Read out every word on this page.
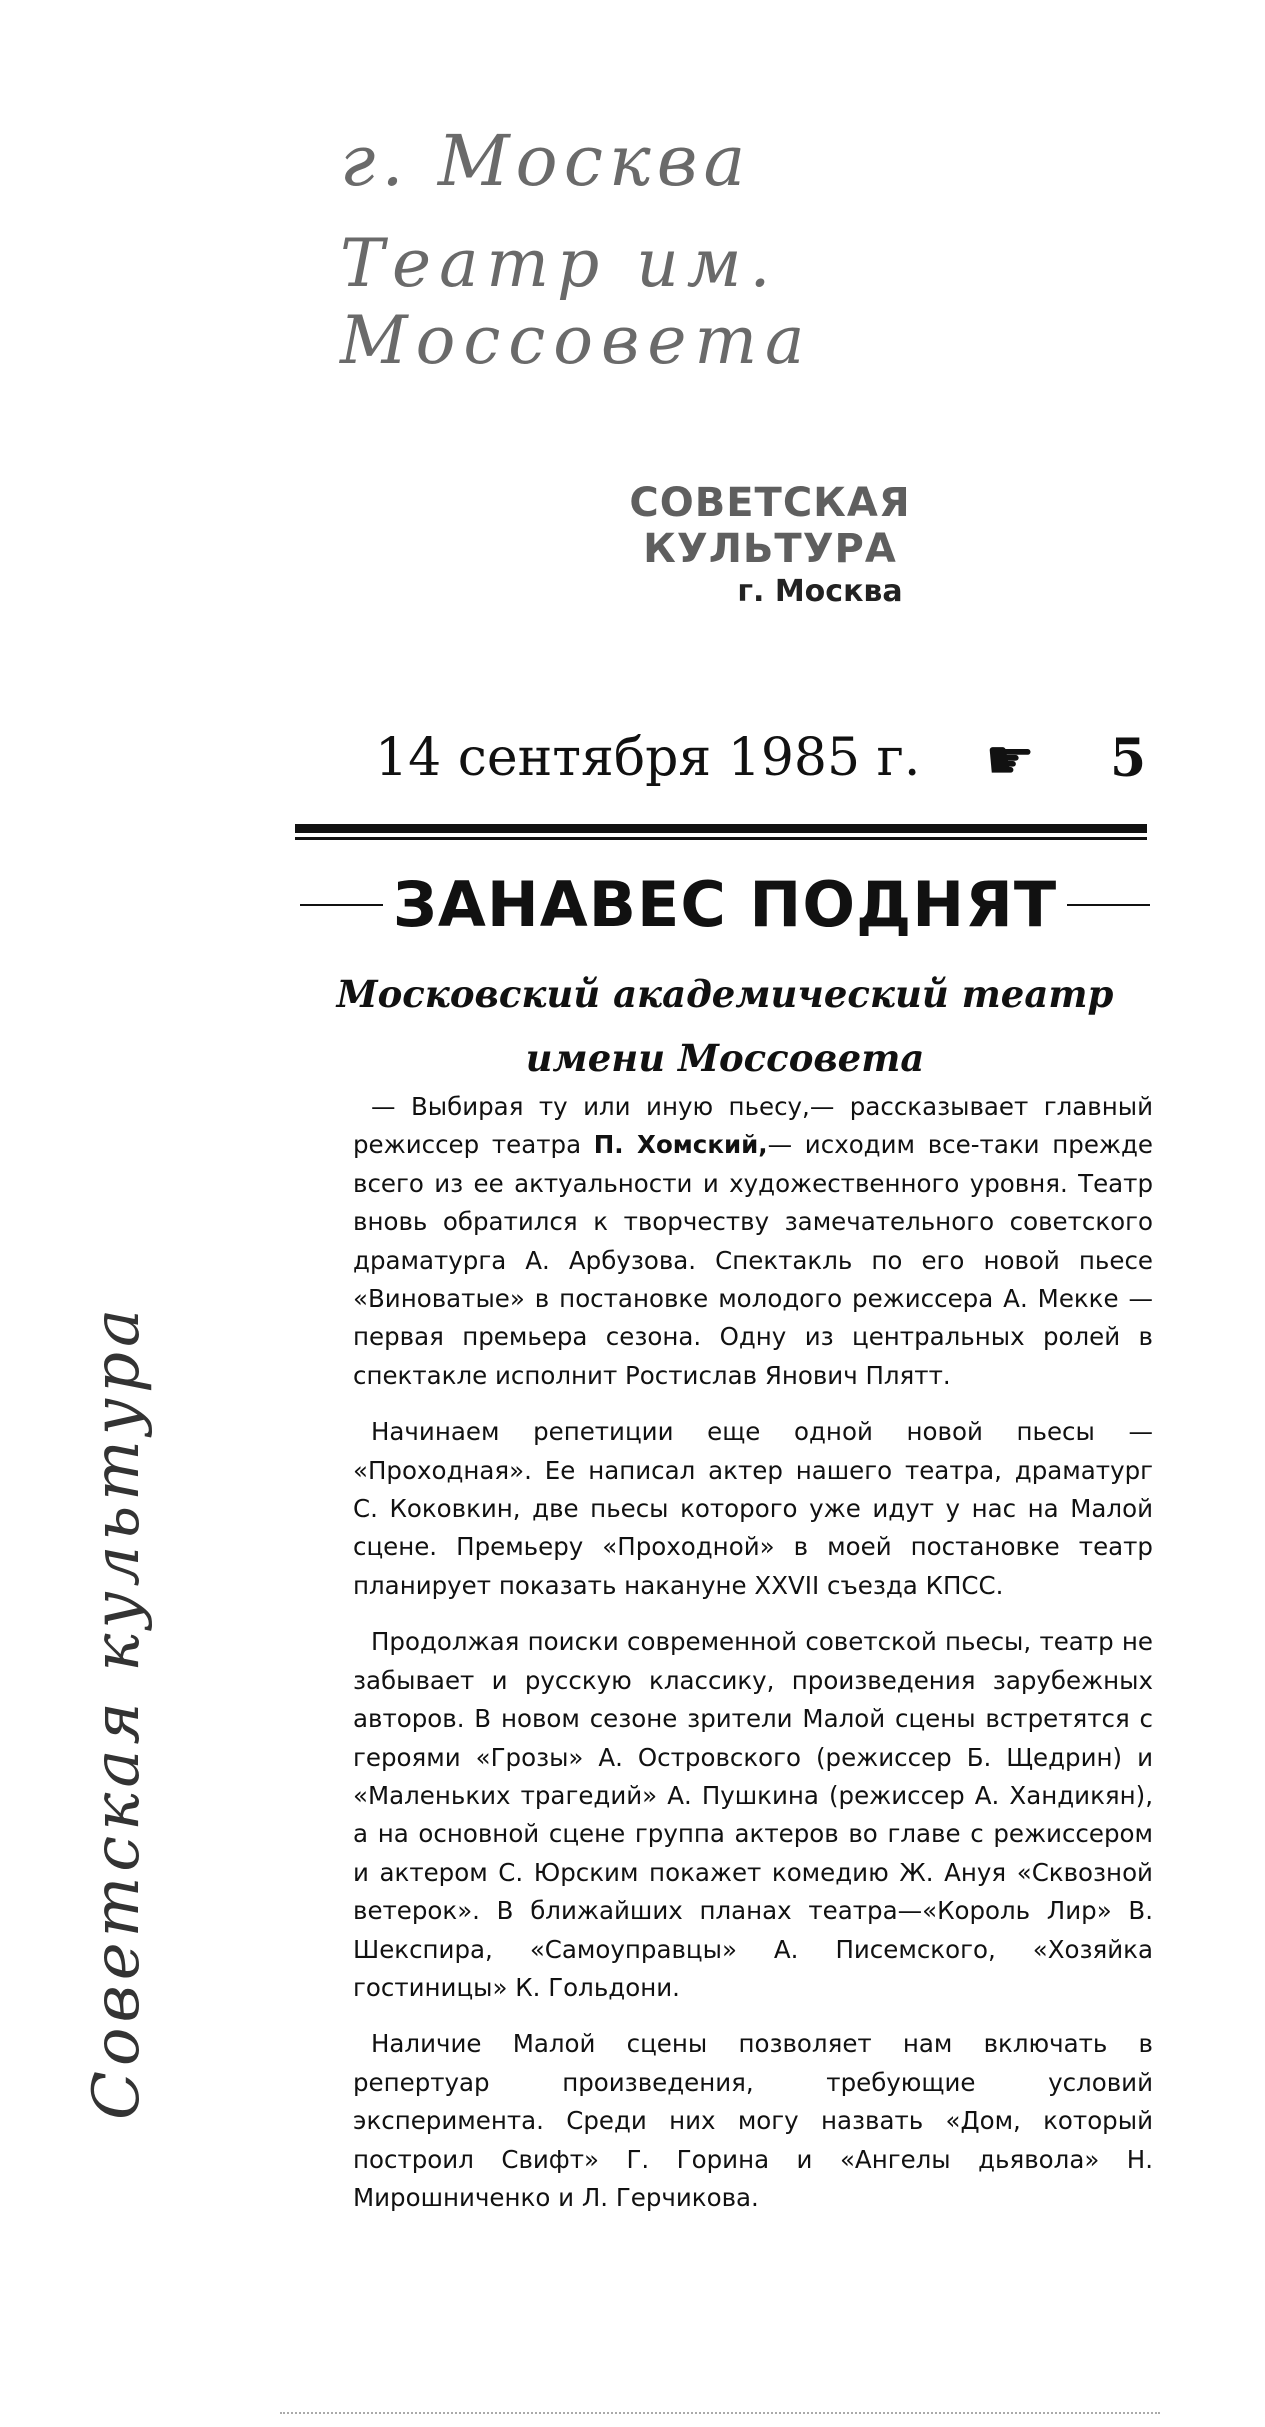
г. Москва
Театр им. Моссовета
Советская культура
СОВЕТСКАЯ КУЛЬТУРА
г. Москва
14 сентября 1985 г. ☛ 5
ЗАНАВЕС ПОДНЯТ
Московский академический театр
имени Моссовета

— Выбирая ту или иную пьесу,— рассказывает главный режиссер театра П. Хомский,— исходим все-таки прежде всего из ее актуальности и художественного уровня. Театр вновь обратился к творчеству замечательного советского драматурга А. Арбузова. Спектакль по его новой пьесе «Виноватые» в постановке молодого режиссера А. Мекке — первая премьера сезона. Одну из центральных ролей в спектакле исполнит Ростислав Янович Плятт.

Начинаем репетиции еще одной новой пьесы — «Проходная». Ее написал актер нашего театра, драматург С. Коковкин, две пьесы которого уже идут у нас на Малой сцене. Премьеру «Проходной» в моей постановке театр планирует показать накануне XXVII съезда КПСС.

Продолжая поиски современной советской пьесы, театр не забывает и русскую классику, произведения зарубежных авторов. В новом сезоне зрители Малой сцены встретятся с героями «Грозы» А. Островского (режиссер Б. Щедрин) и «Маленьких трагедий» А. Пушкина (режиссер А. Хандикян), а на основной сцене группа актеров во главе с режиссером и актером С. Юрским покажет комедию Ж. Ануя «Сквозной ветерок». В ближайших планах театра—«Король Лир» В. Шекспира, «Самоуправцы» А. Писемского, «Хозяйка гостиницы» К. Гольдони.

Наличие Малой сцены позволяет нам включать в репертуар произведения, требующие условий эксперимента. Среди них могу назвать «Дом, который построил Свифт» Г. Горина и «Ангелы дьявола» Н. Мирошниченко и Л. Герчикова.
